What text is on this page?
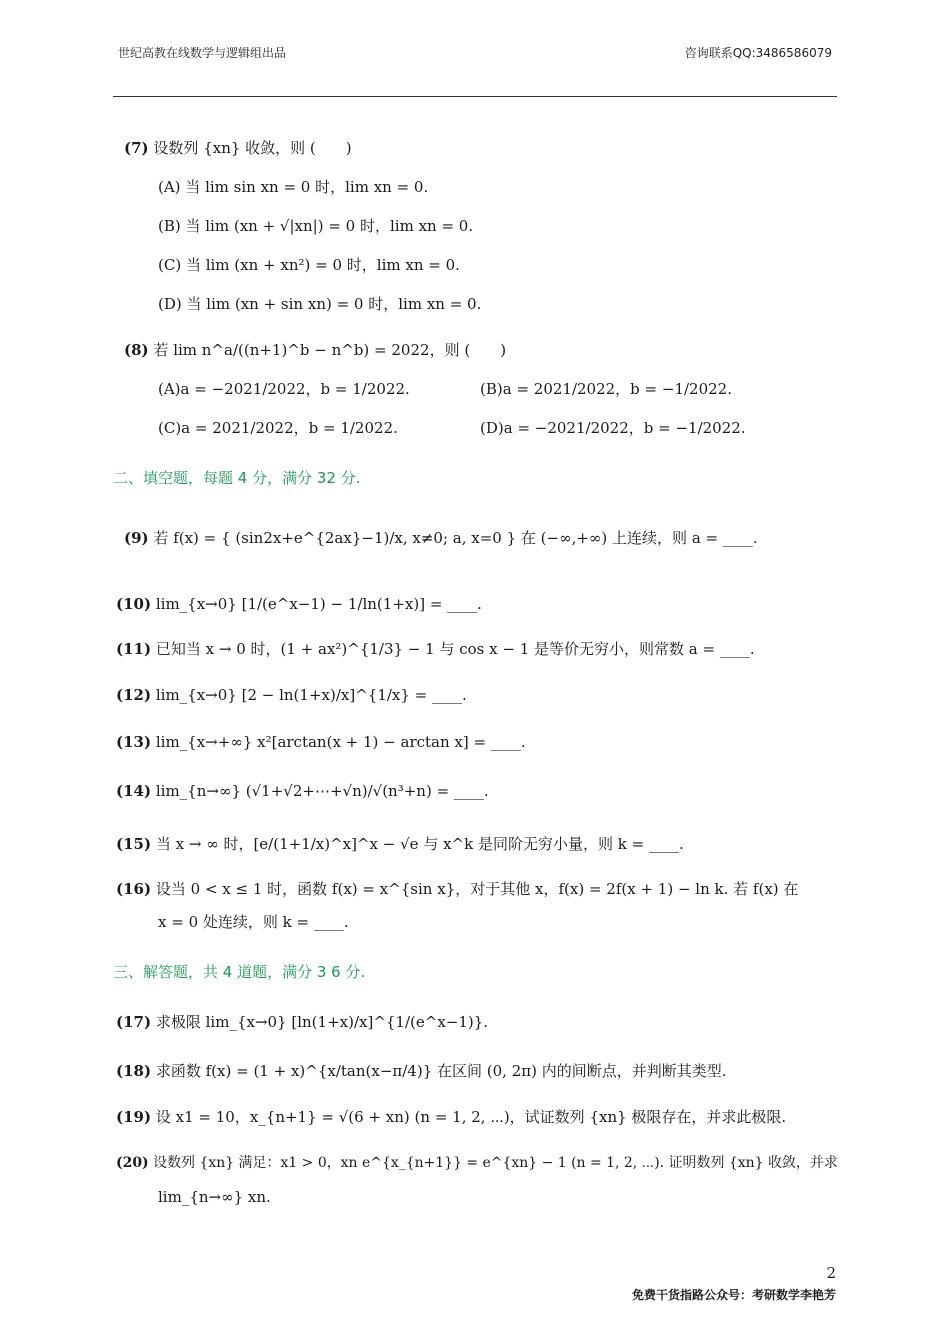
世纪高教在线数学与逻辑组出品	咨询联系QQ:3486586079
(7) 设数列 {xn} 收敛，则 (　　)
(A) 当 lim sin xn = 0 时，lim xn = 0.
(B) 当 lim (xn + √|xn|) = 0 时，lim xn = 0.
(C) 当 lim (xn + xn²) = 0 时，lim xn = 0.
(D) 当 lim (xn + sin xn) = 0 时，lim xn = 0.
(8) 若 lim n^a/((n+1)^b − n^b) = 2022，则 (　　)
(A)a = −2021/2022，b = 1/2022.	(B)a = 2021/2022，b = −1/2022.
(C)a = 2021/2022，b = 1/2022.	(D)a = −2021/2022，b = −1/2022.
二、填空题，每题 4 分，满分 32 分.
(9) 若 f(x) = { (sin2x+e^{2ax}−1)/x, x≠0; a, x=0 } 在 (−∞,+∞) 上连续，则 a = ____.
(10) lim_{x→0} [1/(e^x−1) − 1/ln(1+x)] = ____.
(11) 已知当 x → 0 时，(1 + ax²)^{1/3} − 1 与 cos x − 1 是等价无穷小，则常数 a = ____.
(12) lim_{x→0} [2 − ln(1+x)/x]^{1/x} = ____.
(13) lim_{x→+∞} x²[arctan(x + 1) − arctan x] = ____.
(14) lim_{n→∞} (√1+√2+⋯+√n)/√(n³+n) = ____.
(15) 当 x → ∞ 时，[e/(1+1/x)^x]^x − √e 与 x^k 是同阶无穷小量，则 k = ____.
(16) 设当 0 < x ≤ 1 时，函数 f(x) = x^{sin x}，对于其他 x，f(x) = 2f(x + 1) − ln k. 若 f(x) 在
x = 0 处连续，则 k = ____.
三、解答题，共 4 道题，满分 3 6 分.
(17) 求极限 lim_{x→0} [ln(1+x)/x]^{1/(e^x−1)}.
(18) 求函数 f(x) = (1 + x)^{x/tan(x−π/4)} 在区间 (0, 2π) 内的间断点，并判断其类型.
(19) 设 x1 = 10，x_{n+1} = √(6 + xn) (n = 1, 2, ⋯)，试证数列 {xn} 极限存在，并求此极限.
(20) 设数列 {xn} 满足：x1 > 0，xn e^{x_{n+1}} = e^{xn} − 1 (n = 1, 2, ⋯). 证明数列 {xn} 收敛，并求
lim_{n→∞} xn.
2
免费干货指路公众号：考研数学李艳芳
